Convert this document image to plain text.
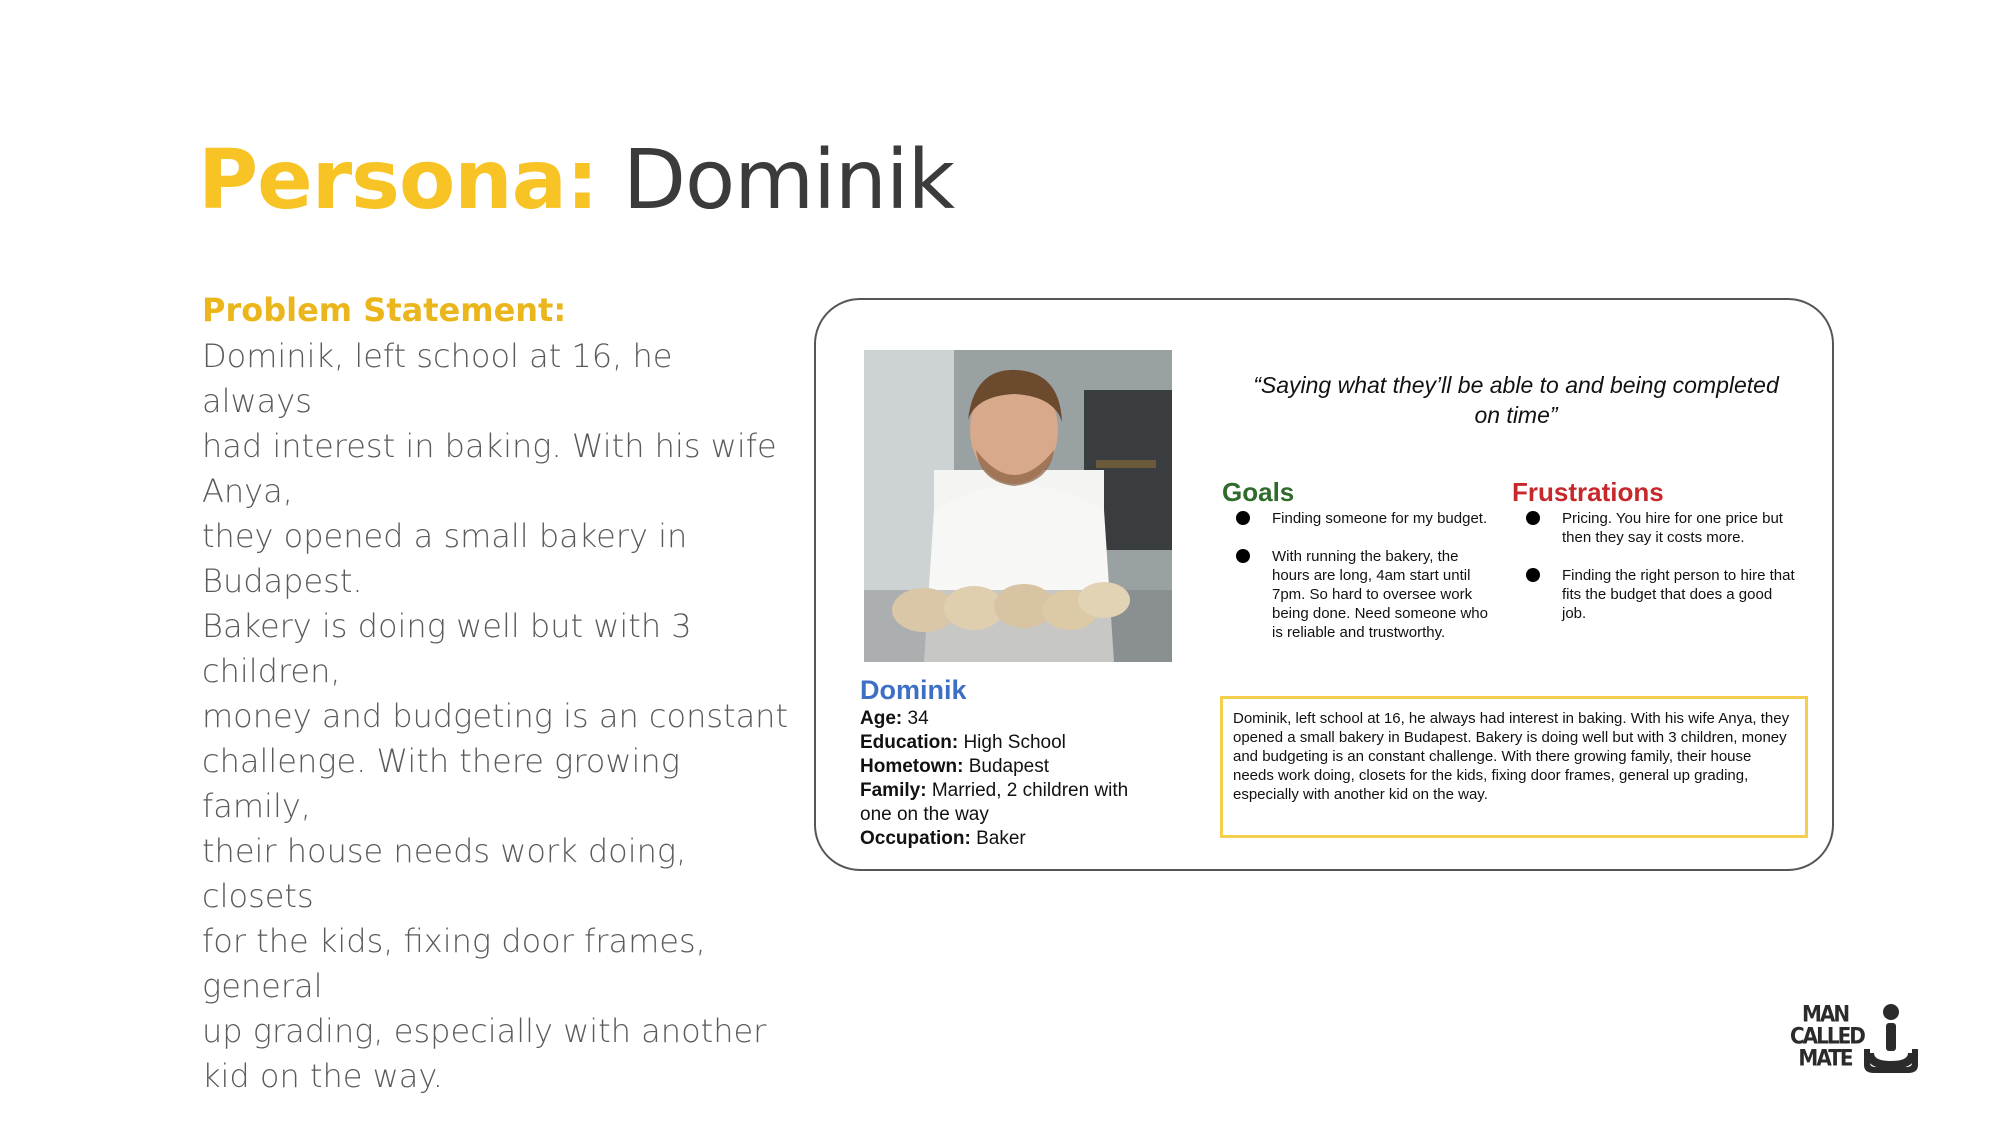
Persona: Dominik
Problem Statement:
Dominik, left school at 16, he always
had interest in baking. With his wife Anya,
they opened a small bakery in Budapest.
Bakery is doing well but with 3 children,
money and budgeting is an constant
challenge. With there growing family,
their house needs work doing, closets
for the kids, fixing door frames, general
up grading, especially with another
kid on the way.
Dominik

Age: 34

Education: High School

Hometown: Budapest

Family: Married, 2 children with one on the way

Occupation: Baker

“Saying what they’ll be able to and being completed on time”
Goals
Finding someone for my budget.
With running the bakery, the hours are long, 4am start until 7pm. So hard to oversee work being done. Need someone who is reliable and trustworthy.
Frustrations
Pricing. You hire for one price but then they say it costs more.
Finding the right person to hire that fits the budget that does a good job.
Dominik, left school at 16, he always had interest in baking. With his wife Anya, they opened a small bakery in Budapest. Bakery is doing well but with 3 children, money and budgeting is an constant challenge. With there growing family, their house needs work doing, closets for the kids, fixing door frames, general up grading, especially with another kid on the way.
MAN
CALLED
MATE
